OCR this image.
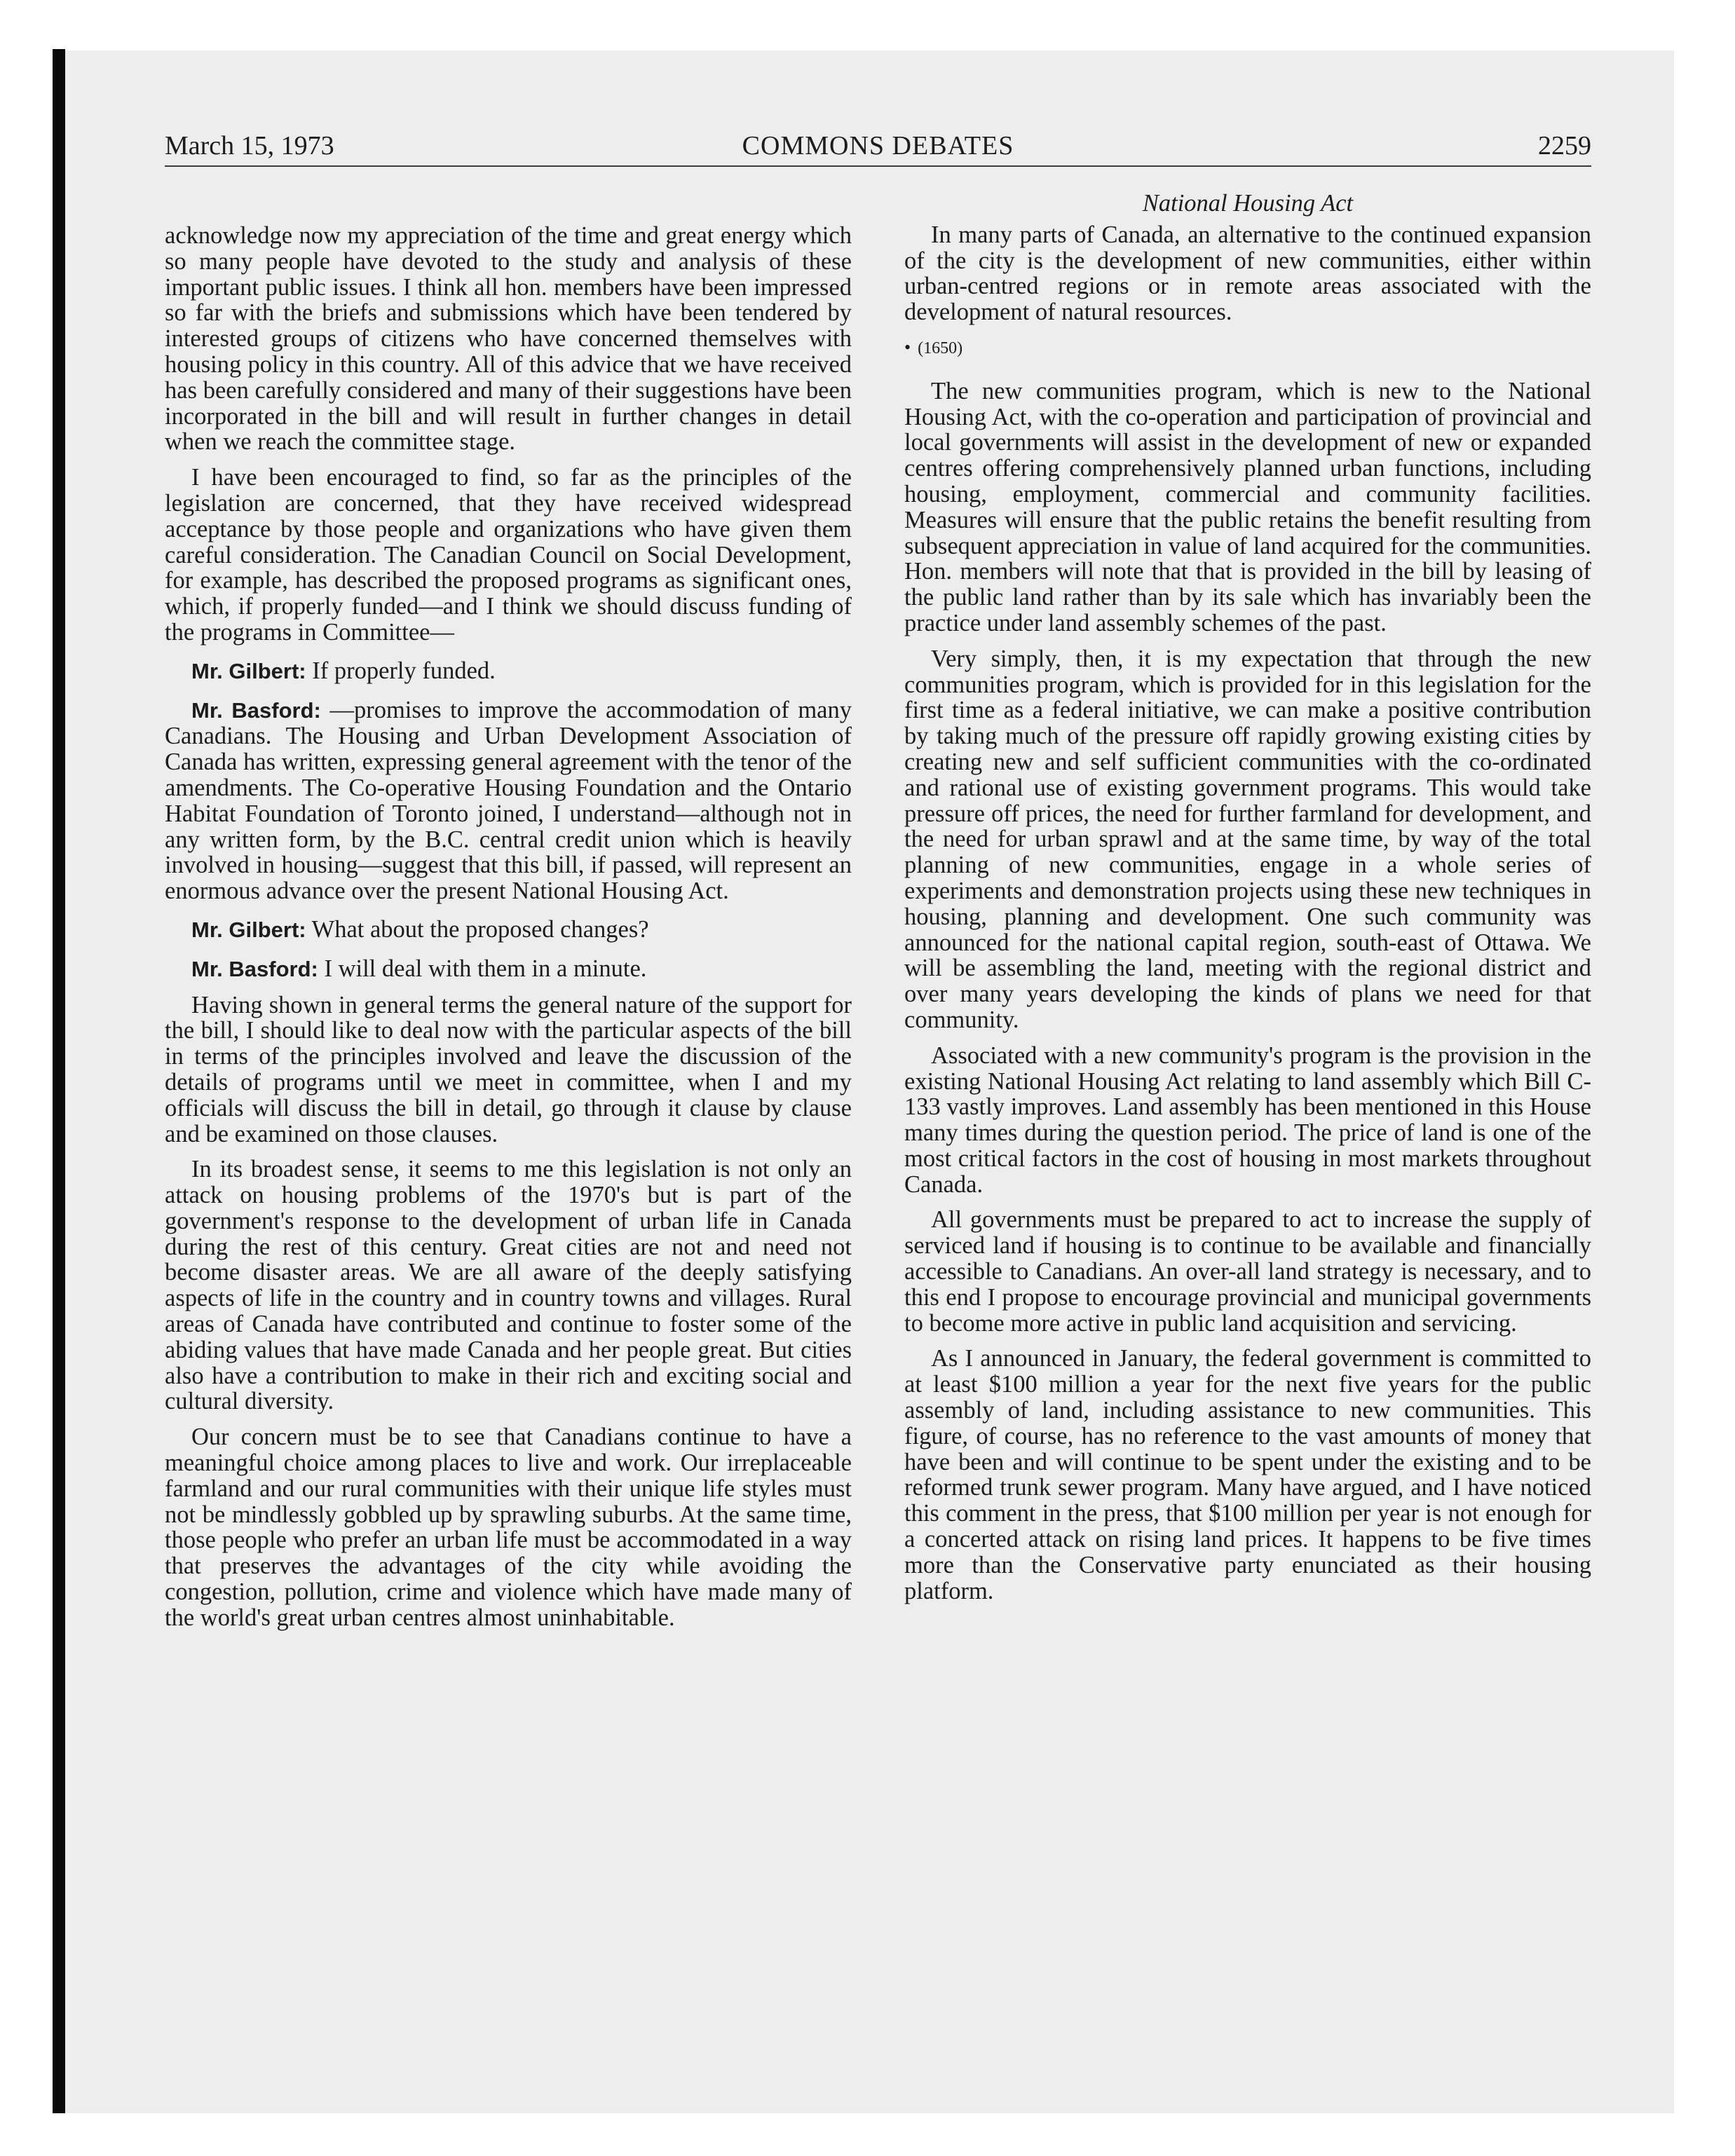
March 15, 1973	COMMONS DEBATES	2259

acknowledge now my appreciation of the time and great energy which so many people have devoted to the study and analysis of these important public issues. I think all hon. members have been impressed so far with the briefs and submissions which have been tendered by interested groups of citizens who have concerned themselves with housing policy in this country. All of this advice that we have received has been carefully considered and many of their suggestions have been incorporated in the bill and will result in further changes in detail when we reach the committee stage.

I have been encouraged to find, so far as the principles of the legislation are concerned, that they have received widespread acceptance by those people and organizations who have given them careful consideration. The Canadian Council on Social Development, for example, has described the proposed programs as significant ones, which, if properly funded—and I think we should discuss funding of the programs in Committee—

Mr. Gilbert: If properly funded.

Mr. Basford: —promises to improve the accommodation of many Canadians. The Housing and Urban Development Association of Canada has written, expressing general agreement with the tenor of the amendments. The Co-operative Housing Foundation and the Ontario Habitat Foundation of Toronto joined, I understand—although not in any written form, by the B.C. central credit union which is heavily involved in housing—suggest that this bill, if passed, will represent an enormous advance over the present National Housing Act.

Mr. Gilbert: What about the proposed changes?

Mr. Basford: I will deal with them in a minute.

Having shown in general terms the general nature of the support for the bill, I should like to deal now with the particular aspects of the bill in terms of the principles involved and leave the discussion of the details of programs until we meet in committee, when I and my officials will discuss the bill in detail, go through it clause by clause and be examined on those clauses.

In its broadest sense, it seems to me this legislation is not only an attack on housing problems of the 1970's but is part of the government's response to the development of urban life in Canada during the rest of this century. Great cities are not and need not become disaster areas. We are all aware of the deeply satisfying aspects of life in the country and in country towns and villages. Rural areas of Canada have contributed and continue to foster some of the abiding values that have made Canada and her people great. But cities also have a contribution to make in their rich and exciting social and cultural diversity.

Our concern must be to see that Canadians continue to have a meaningful choice among places to live and work. Our irreplaceable farmland and our rural communities with their unique life styles must not be mindlessly gobbled up by sprawling suburbs. At the same time, those people who prefer an urban life must be accommodated in a way that preserves the advantages of the city while avoiding the congestion, pollution, crime and violence which have made many of the world's great urban centres almost uninhabitable.

National Housing Act

In many parts of Canada, an alternative to the continued expansion of the city is the development of new communities, either within urban-centred regions or in remote areas associated with the development of natural resources.

• (1650)

The new communities program, which is new to the National Housing Act, with the co-operation and participation of provincial and local governments will assist in the development of new or expanded centres offering comprehensively planned urban functions, including housing, employment, commercial and community facilities. Measures will ensure that the public retains the benefit resulting from subsequent appreciation in value of land acquired for the communities. Hon. members will note that that is provided in the bill by leasing of the public land rather than by its sale which has invariably been the practice under land assembly schemes of the past.

Very simply, then, it is my expectation that through the new communities program, which is provided for in this legislation for the first time as a federal initiative, we can make a positive contribution by taking much of the pressure off rapidly growing existing cities by creating new and self sufficient communities with the co-ordinated and rational use of existing government programs. This would take pressure off prices, the need for further farmland for development, and the need for urban sprawl and at the same time, by way of the total planning of new communities, engage in a whole series of experiments and demonstration projects using these new techniques in housing, planning and development. One such community was announced for the national capital region, south-east of Ottawa. We will be assembling the land, meeting with the regional district and over many years developing the kinds of plans we need for that community.

Associated with a new community's program is the provision in the existing National Housing Act relating to land assembly which Bill C-133 vastly improves. Land assembly has been mentioned in this House many times during the question period. The price of land is one of the most critical factors in the cost of housing in most markets throughout Canada.

All governments must be prepared to act to increase the supply of serviced land if housing is to continue to be available and financially accessible to Canadians. An over-all land strategy is necessary, and to this end I propose to encourage provincial and municipal governments to become more active in public land acquisition and servicing.

As I announced in January, the federal government is committed to at least $100 million a year for the next five years for the public assembly of land, including assistance to new communities. This figure, of course, has no reference to the vast amounts of money that have been and will continue to be spent under the existing and to be reformed trunk sewer program. Many have argued, and I have noticed this comment in the press, that $100 million per year is not enough for a concerted attack on rising land prices. It happens to be five times more than the Conservative party enunciated as their housing platform.
